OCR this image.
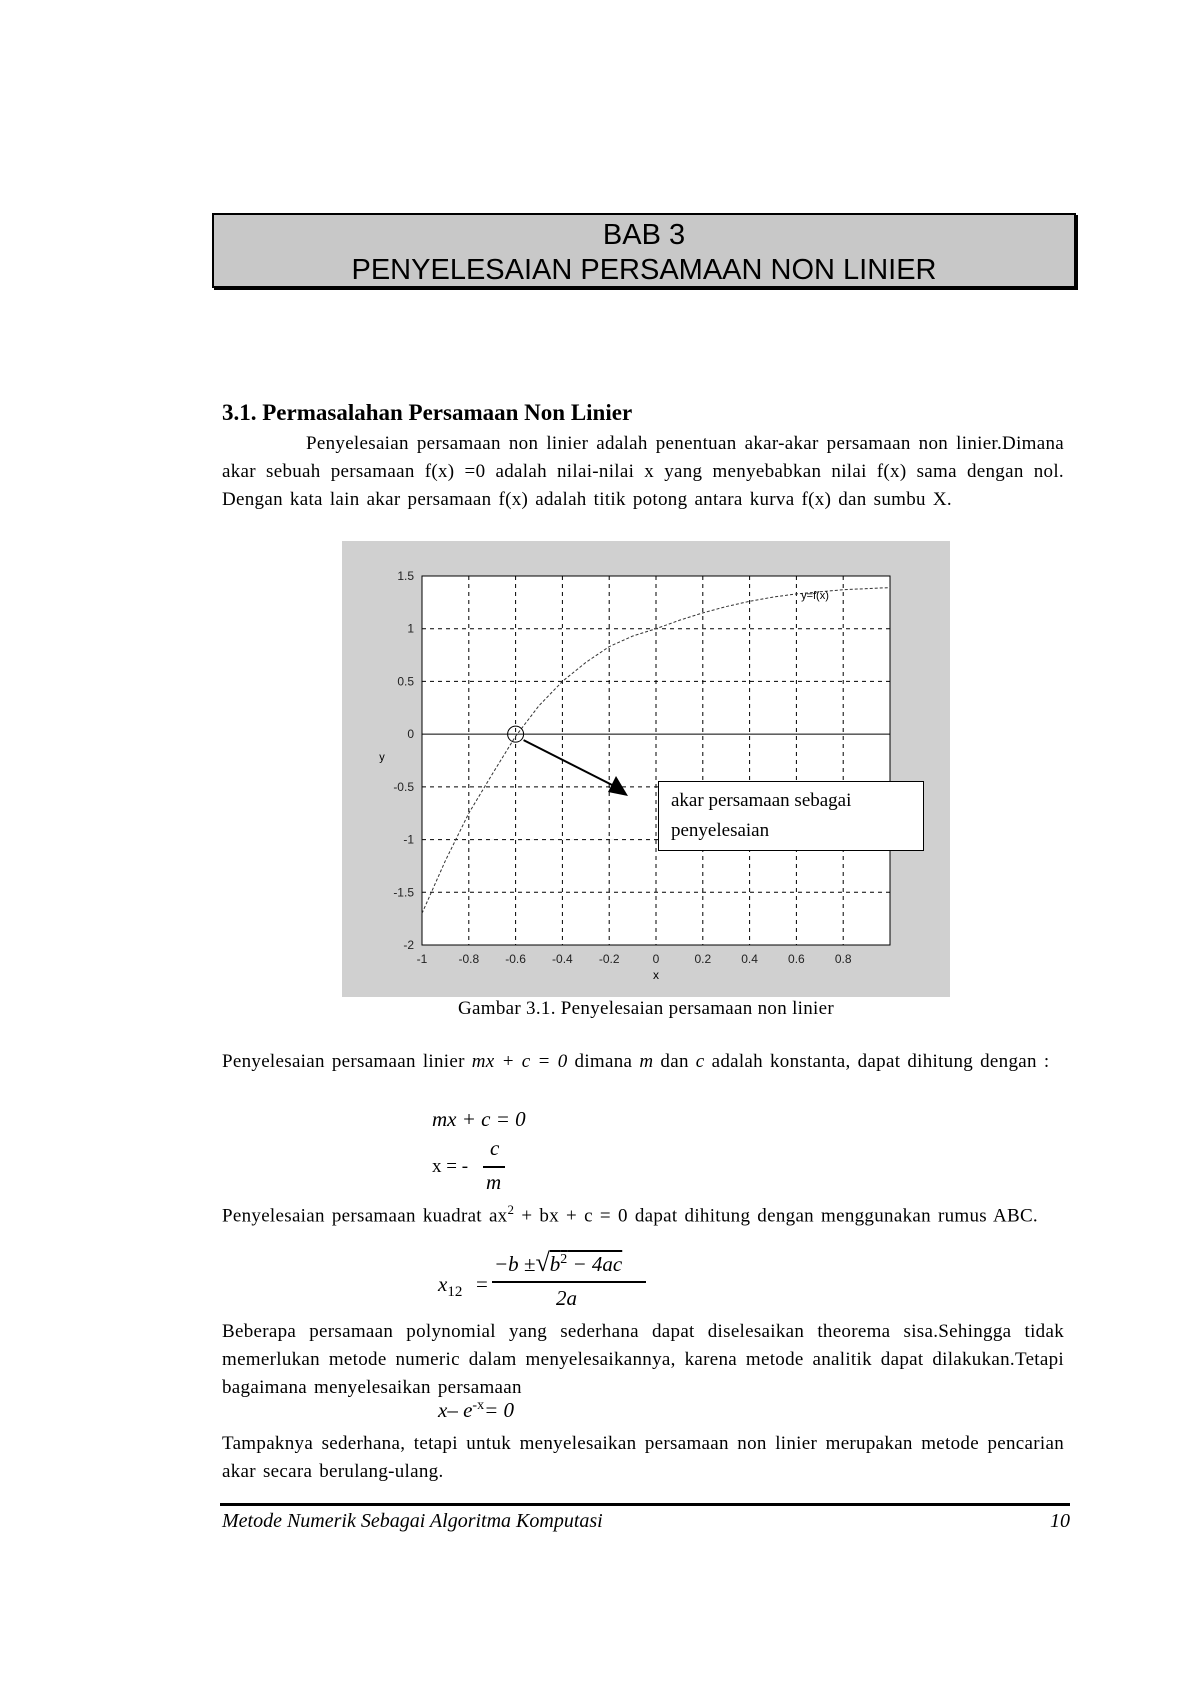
BAB 3
PENYELESAIAN PERSAMAAN NON LINIER
3.1. Permasalahan Persamaan Non Linier
Penyelesaian persamaan non linier adalah penentuan akar-akar persamaan non linier.Dimana akar sebuah persamaan f(x) =0 adalah nilai-nilai x yang menyebabkan nilai f(x) sama dengan nol. Dengan kata lain akar persamaan f(x) adalah titik potong antara kurva f(x) dan sumbu X.
-1	-0.8 -0.6 -0.4 -0.2	0	0.2	0.4	0.6	0.8
1.5
1
0.5
0
-0.5
-1
-1.5
-2
x
y
y=f(x)
akar persamaan sebagai
penyelesaian
Gambar 3.1. Penyelesaian persamaan non linier
Penyelesaian persamaan linier mx + c = 0 dimana m dan c adalah konstanta, dapat dihitung dengan :
mx + c = 0
x = -
c
m
Penyelesaian persamaan kuadrat $ax^2$ + bx + c = 0 dapat dihitung dengan menggunakan rumus ABC.
$x_{12}$ =
$-b \pm√b^2 - 4ac$
2a
Beberapa persamaan polynomial yang sederhana dapat diselesaikan theorema sisa.Sehingga tidak memerlukan metode numeric dalam menyelesaikannya, karena metode analitik dapat dilakukan.Tetapi bagaimana menyelesaikan persamaan
x– $e^{-x}= 0$
Tampaknya sederhana, tetapi untuk menyelesaikan persamaan non linier merupakan metode pencarian akar secara berulang-ulang.
Metode Numerik Sebagai Algoritma Komputasi	10
